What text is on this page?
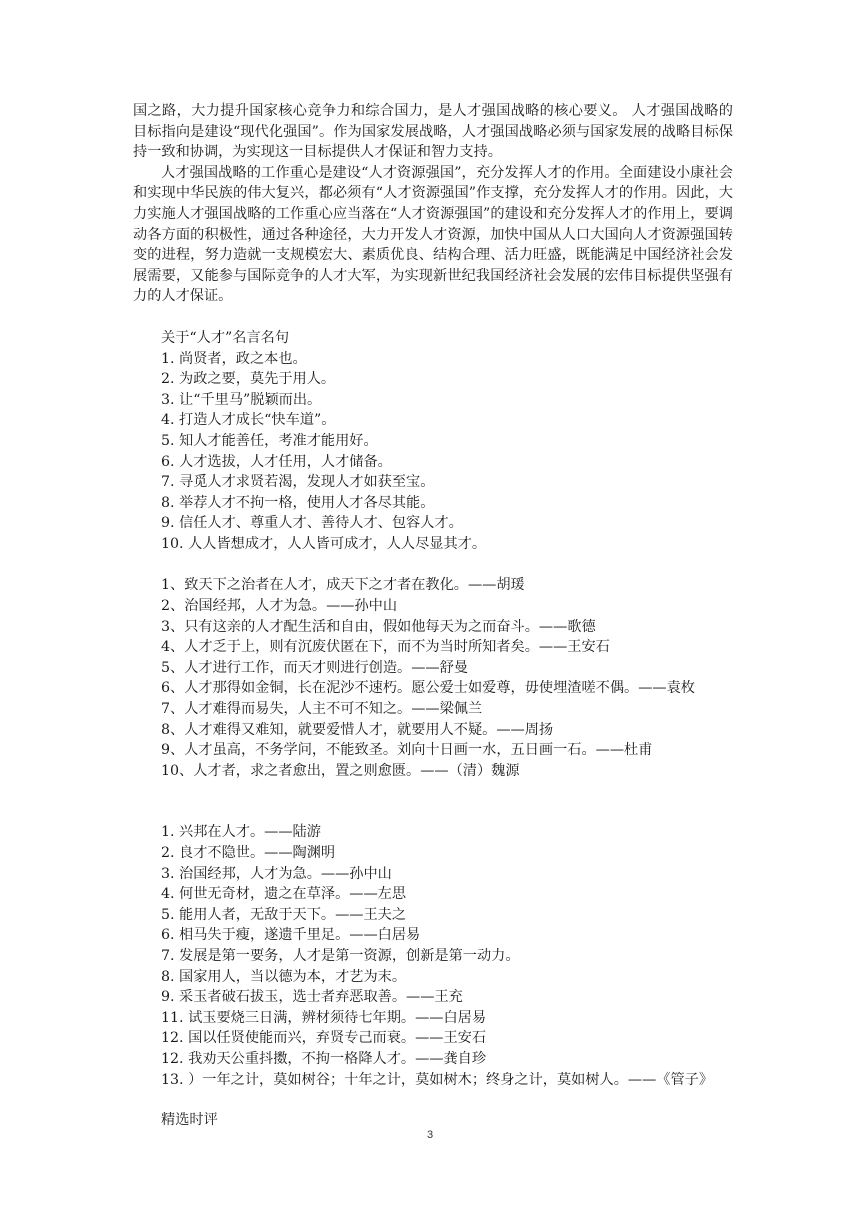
国之路，大力提升国家核心竞争力和综合国力，是人才强国战略的核心要义。 人才强国战略的目标指向是建设“现代化强国”。作为国家发展战略，人才强国战略必须与国家发展的战略目标保持一致和协调，为实现这一目标提供人才保证和智力支持。

人才强国战略的工作重心是建设“人才资源强国”，充分发挥人才的作用。全面建设小康社会和实现中华民族的伟大复兴，都必须有“人才资源强国”作支撑，充分发挥人才的作用。因此，大力实施人才强国战略的工作重心应当落在“人才资源强国”的建设和充分发挥人才的作用上，要调动各方面的积极性，通过各种途径，大力开发人才资源，加快中国从人口大国向人才资源强国转变的进程，努力造就一支规模宏大、素质优良、结构合理、活力旺盛，既能满足中国经济社会发展需要，又能参与国际竞争的人才大军，为实现新世纪我国经济社会发展的宏伟目标提供坚强有力的人才保证。

关于“人才”名言名句
1. 尚贤者，政之本也。
2. 为政之要，莫先于用人。
3. 让“千里马”脱颖而出。
4. 打造人才成长“快车道”。
5. 知人才能善任，考准才能用好。
6. 人才选拔，人才任用，人才储备。
7. 寻觅人才求贤若渴，发现人才如获至宝。
8. 举荐人才不拘一格，使用人才各尽其能。
9. 信任人才、尊重人才、善待人才、包容人才。
10. 人人皆想成才，人人皆可成才，人人尽显其才。
1、致天下之治者在人才，成天下之才者在教化。——胡瑗
2、治国经邦，人才为急。——孙中山
3、只有这亲的人才配生活和自由，假如他每天为之而奋斗。——歌德
4、人才乏于上，则有沉废伏匿在下，而不为当时所知者矣。——王安石
5、人才进行工作，而天才则进行创造。——舒曼
6、人才那得如金铜，长在泥沙不速朽。愿公爱士如爱尊，毋使埋渣嗟不偶。——袁枚
7、人才难得而易失，人主不可不知之。——梁佩兰
8、人才难得又难知，就要爱惜人才，就要用人不疑。——周扬
9、人才虽高，不务学问，不能致圣。刘向十日画一水，五日画一石。——杜甫
10、人才者，求之者愈出，置之则愈匮。——（清）魏源
1. 兴邦在人才。——陆游
2. 良才不隐世。——陶渊明
3. 治国经邦，人才为急。——孙中山
4. 何世无奇材，遗之在草泽。——左思
5. 能用人者，无敌于天下。——王夫之
6. 相马失于瘦，遂遗千里足。——白居易
7. 发展是第一要务，人才是第一资源，创新是第一动力。
8. 国家用人，当以德为本，才艺为末。
9. 采玉者破石拔玉，选士者弃恶取善。——王充
11. 试玉要烧三日满，辨材须待七年期。——白居易
12. 国以任贤使能而兴，弃贤专己而衰。——王安石
12. 我劝天公重抖擞，不拘一格降人才。——龚自珍
13. ）一年之计，莫如树谷；十年之计，莫如树木；终身之计，莫如树人。——《管子》
精选时评
3
